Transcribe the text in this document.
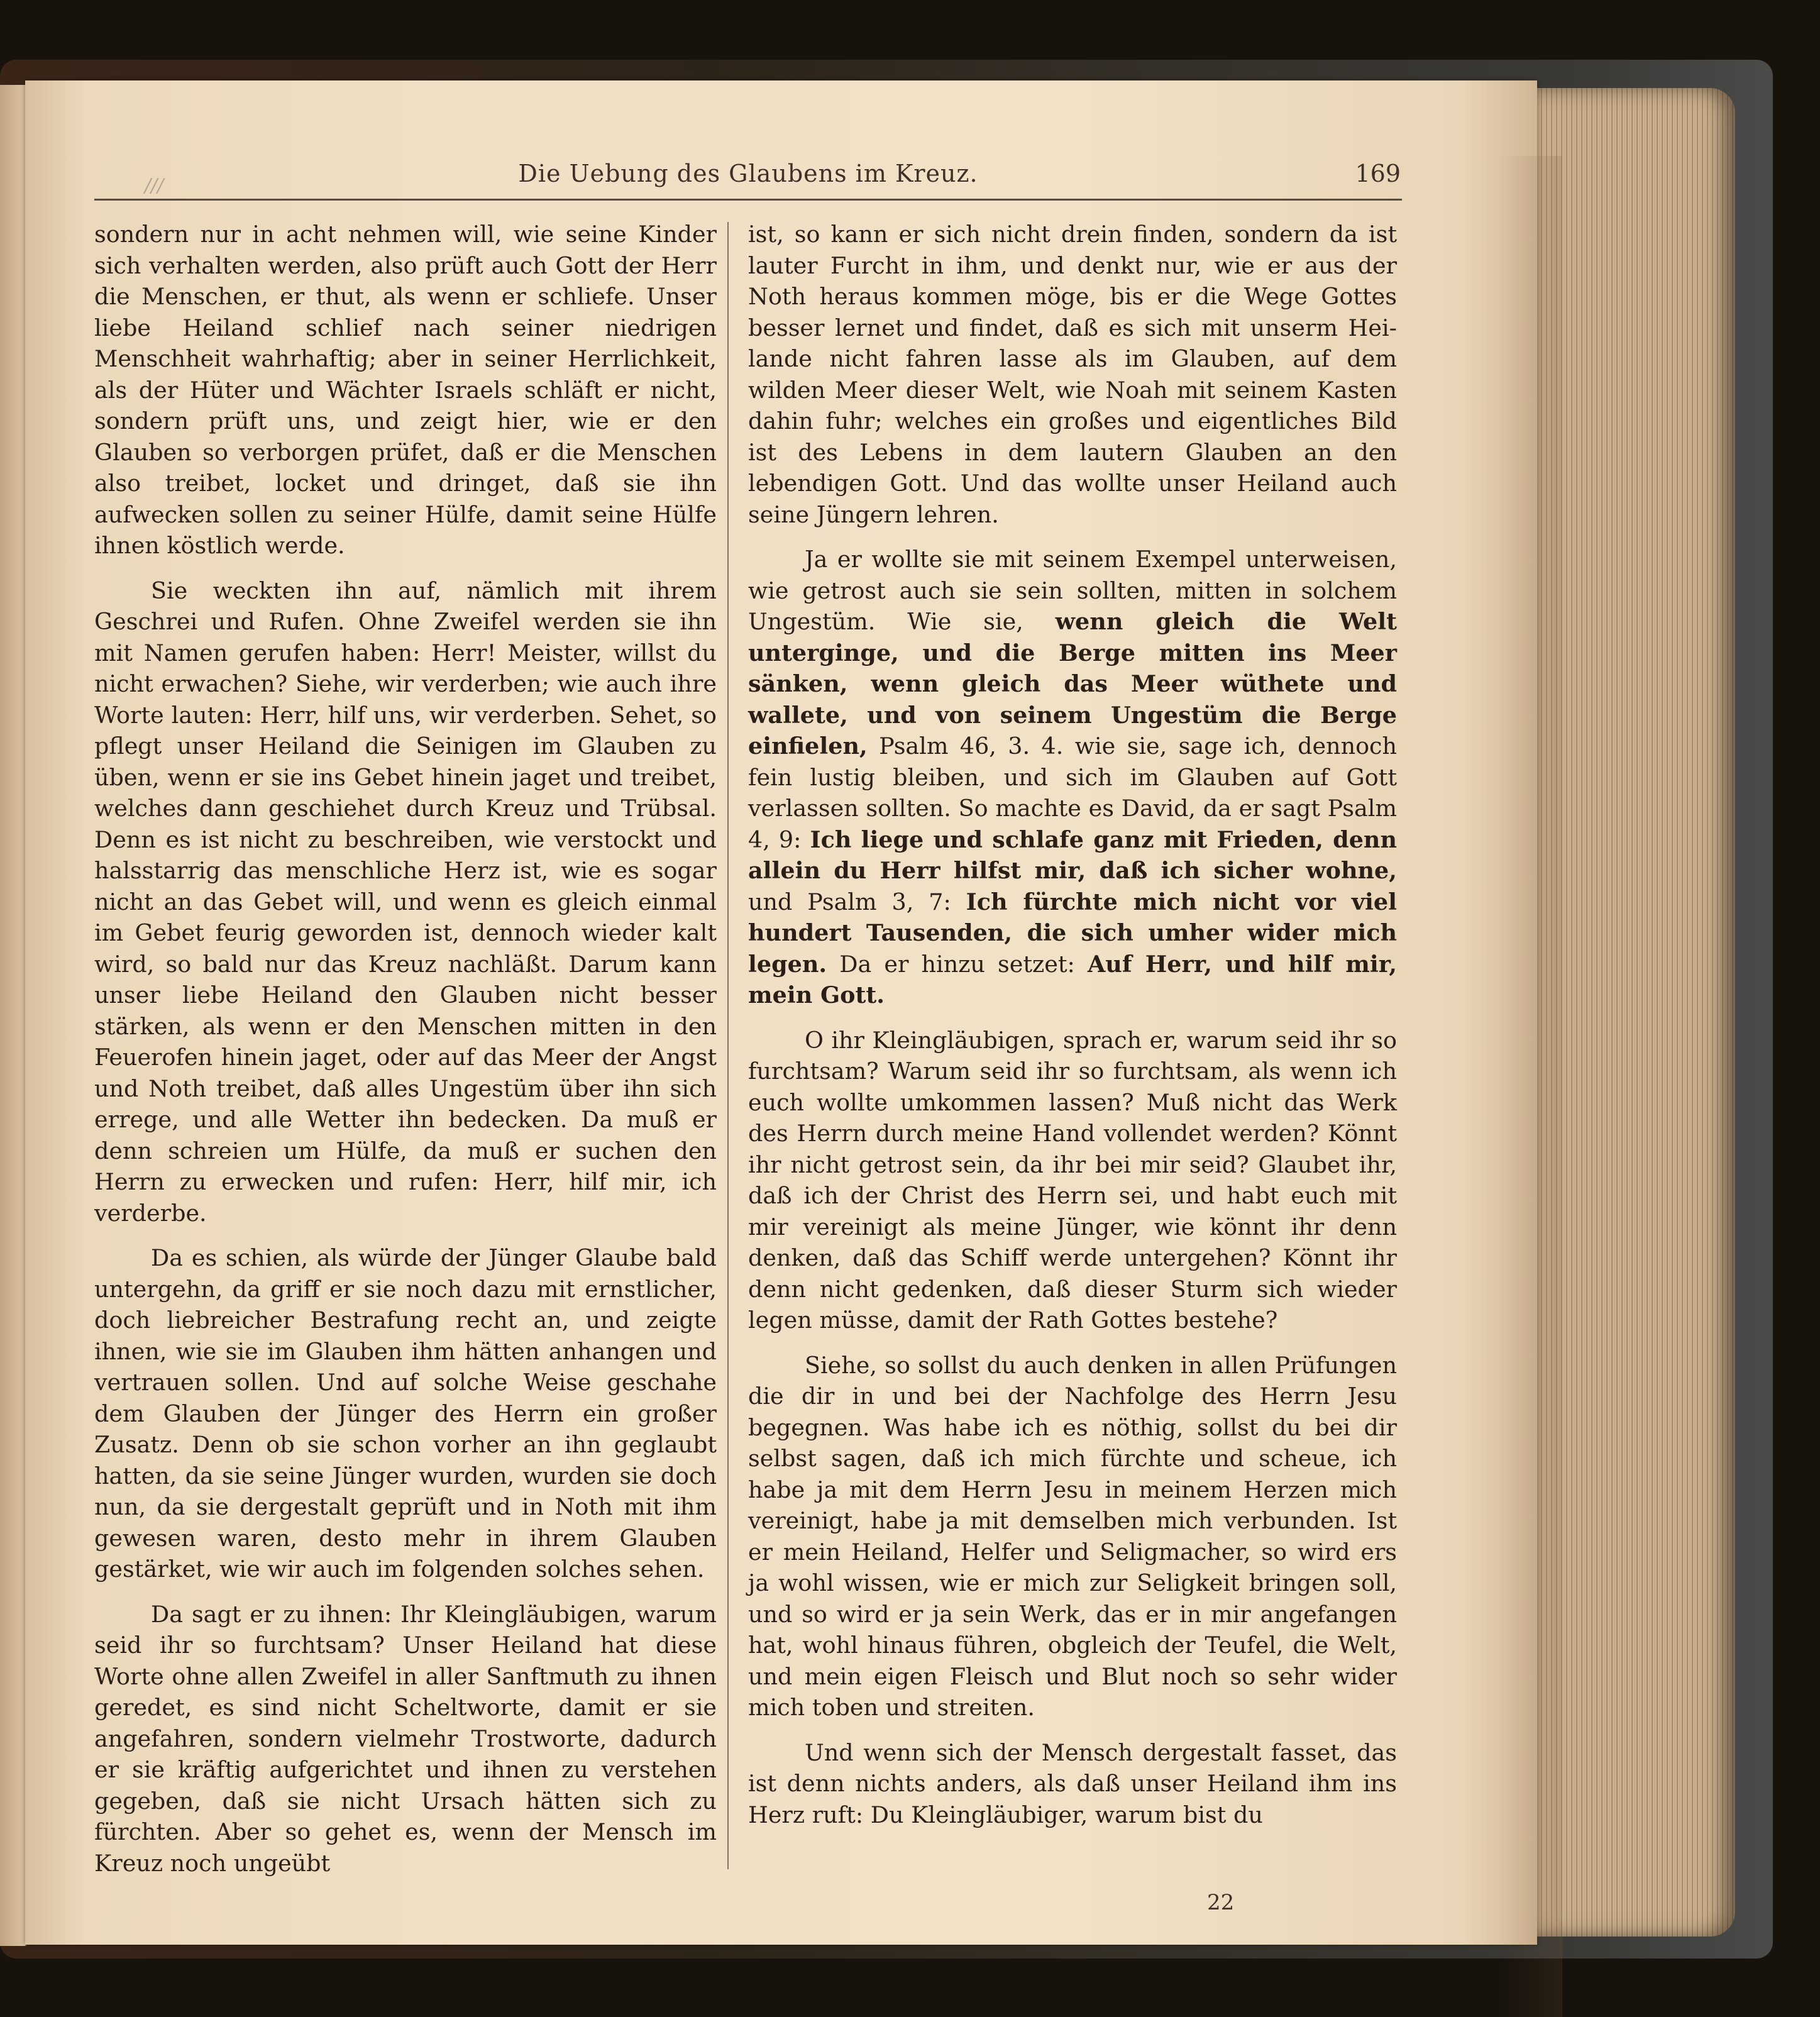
///	Die Uebung des Glaubens im Kreuz.	169

sondern nur in acht nehmen will, wie seine Kinder sich verhalten werden, also prüft auch Gott der Herr die Menschen, er thut, als wenn er schliefe. Unser liebe Heiland schlief nach seiner niedrigen Menschheit wahrhaftig; aber in seiner Herrlichkeit, als der Hüter und Wächter Israels schläft er nicht, sondern prüft uns, und zeigt hier, wie er den Glauben so verborgen prüfet, daß er die Menschen also treibet, locket und dringet, daß sie ihn aufwecken sollen zu seiner Hülfe, damit seine Hülfe ihnen köstlich werde.

Sie weckten ihn auf, nämlich mit ihrem Geschrei und Rufen. Ohne Zweifel werden sie ihn mit Namen gerufen haben: Herr! Meister, willst du nicht erwachen? Siehe, wir verderben; wie auch ihre Worte lauten: Herr, hilf uns, wir verderben. Sehet, so pflegt unser Heiland die Seinigen im Glauben zu üben, wenn er sie ins Gebet hinein jaget und treibet, welches dann geschiehet durch Kreuz und Trübsal. Denn es ist nicht zu beschreiben, wie verstockt und halsstarrig das menschliche Herz ist, wie es sogar nicht an das Gebet will, und wenn es gleich einmal im Gebet feurig geworden ist, dennoch wieder kalt wird, so bald nur das Kreuz nachläßt. Darum kann unser liebe Heiland den Glauben nicht besser stärken, als wenn er den Menschen mitten in den Feuerofen hinein jaget, oder auf das Meer der Angst und Noth treibet, daß alles Ungestüm über ihn sich errege, und alle Wetter ihn bedecken. Da muß er denn schreien um Hülfe, da muß er suchen den Herrn zu erwecken und rufen: Herr, hilf mir, ich verderbe.

Da es schien, als würde der Jünger Glaube bald untergehn, da griff er sie noch dazu mit ernstlicher, doch liebreicher Bestrafung recht an, und zeigte ihnen, wie sie im Glauben ihm hätten anhangen und vertrauen sollen. Und auf solche Weise geschahe dem Glauben der Jünger des Herrn ein großer Zusatz. Denn ob sie schon vorher an ihn geglaubt hatten, da sie seine Jünger wurden, wurden sie doch nun, da sie dergestalt geprüft und in Noth mit ihm gewesen waren, desto mehr in ihrem Glauben gestärket, wie wir auch im folgenden solches sehen.

Da sagt er zu ihnen: Ihr Kleingläubigen, warum seid ihr so furchtsam? Unser Heiland hat diese Worte ohne allen Zweifel in aller Sanftmuth zu ihnen geredet, es sind nicht Scheltworte, damit er sie angefahren, sondern vielmehr Trostworte, dadurch er sie kräftig aufgerichtet und ihnen zu verstehen gegeben, daß sie nicht Ursach hätten sich zu fürchten. Aber so gehet es, wenn der Mensch im Kreuz noch ungeübt

ist, so kann er sich nicht drein finden, sondern da ist lauter Furcht in ihm, und denkt nur, wie er aus der Noth heraus kommen möge, bis er die Wege Gottes besser lernet und findet, daß es sich mit unserm Heilande nicht fahren lasse als im Glauben, auf dem wilden Meer dieser Welt, wie Noah mit seinem Kasten dahin fuhr; welches ein großes und eigentliches Bild ist des Lebens in dem lautern Glauben an den lebendigen Gott. Und das wollte unser Heiland auch seine Jüngern lehren.

Ja er wollte sie mit seinem Exempel unterweisen, wie getrost auch sie sein sollten, mitten in solchem Ungestüm. Wie sie, wenn gleich die Welt unterginge, und die Berge mitten ins Meer sänken, wenn gleich das Meer wüthete und wallete, und von seinem Ungestüm die Berge einfielen, Psalm 46, 3. 4. wie sie, sage ich, dennoch fein lustig bleiben, und sich im Glauben auf Gott verlassen sollten. So machte es David, da er sagt Psalm 4, 9: Ich liege und schlafe ganz mit Frieden, denn allein du Herr hilfst mir, daß ich sicher wohne, und Psalm 3, 7: Ich fürchte mich nicht vor viel hundert Tausenden, die sich umher wider mich legen. Da er hinzu setzet: Auf Herr, und hilf mir, mein Gott.

O ihr Kleingläubigen, sprach er, warum seid ihr so furchtsam? Warum seid ihr so furchtsam, als wenn ich euch wollte umkommen lassen? Muß nicht das Werk des Herrn durch meine Hand vollendet werden? Könnt ihr nicht getrost sein, da ihr bei mir seid? Glaubet ihr, daß ich der Christ des Herrn sei, und habt euch mit mir vereinigt als meine Jünger, wie könnt ihr denn denken, daß das Schiff werde untergehen? Könnt ihr denn nicht gedenken, daß dieser Sturm sich wieder legen müsse, damit der Rath Gottes bestehe?

Siehe, so sollst du auch denken in allen Prüfungen die dir in und bei der Nachfolge des Herrn Jesu begegnen. Was habe ich es nöthig, sollst du bei dir selbst sagen, daß ich mich fürchte und scheue, ich habe ja mit dem Herrn Jesu in meinem Herzen mich vereinigt, habe ja mit demselben mich verbunden. Ist er mein Heiland, Helfer und Seligmacher, so wird ers ja wohl wissen, wie er mich zur Seligkeit bringen soll, und so wird er ja sein Werk, das er in mir angefangen hat, wohl hinaus führen, obgleich der Teufel, die Welt, und mein eigen Fleisch und Blut noch so sehr wider mich toben und streiten.

Und wenn sich der Mensch dergestalt fasset, das ist denn nichts anders, als daß unser Heiland ihm ins Herz ruft: Du Kleingläubiger, warum bist du

22
